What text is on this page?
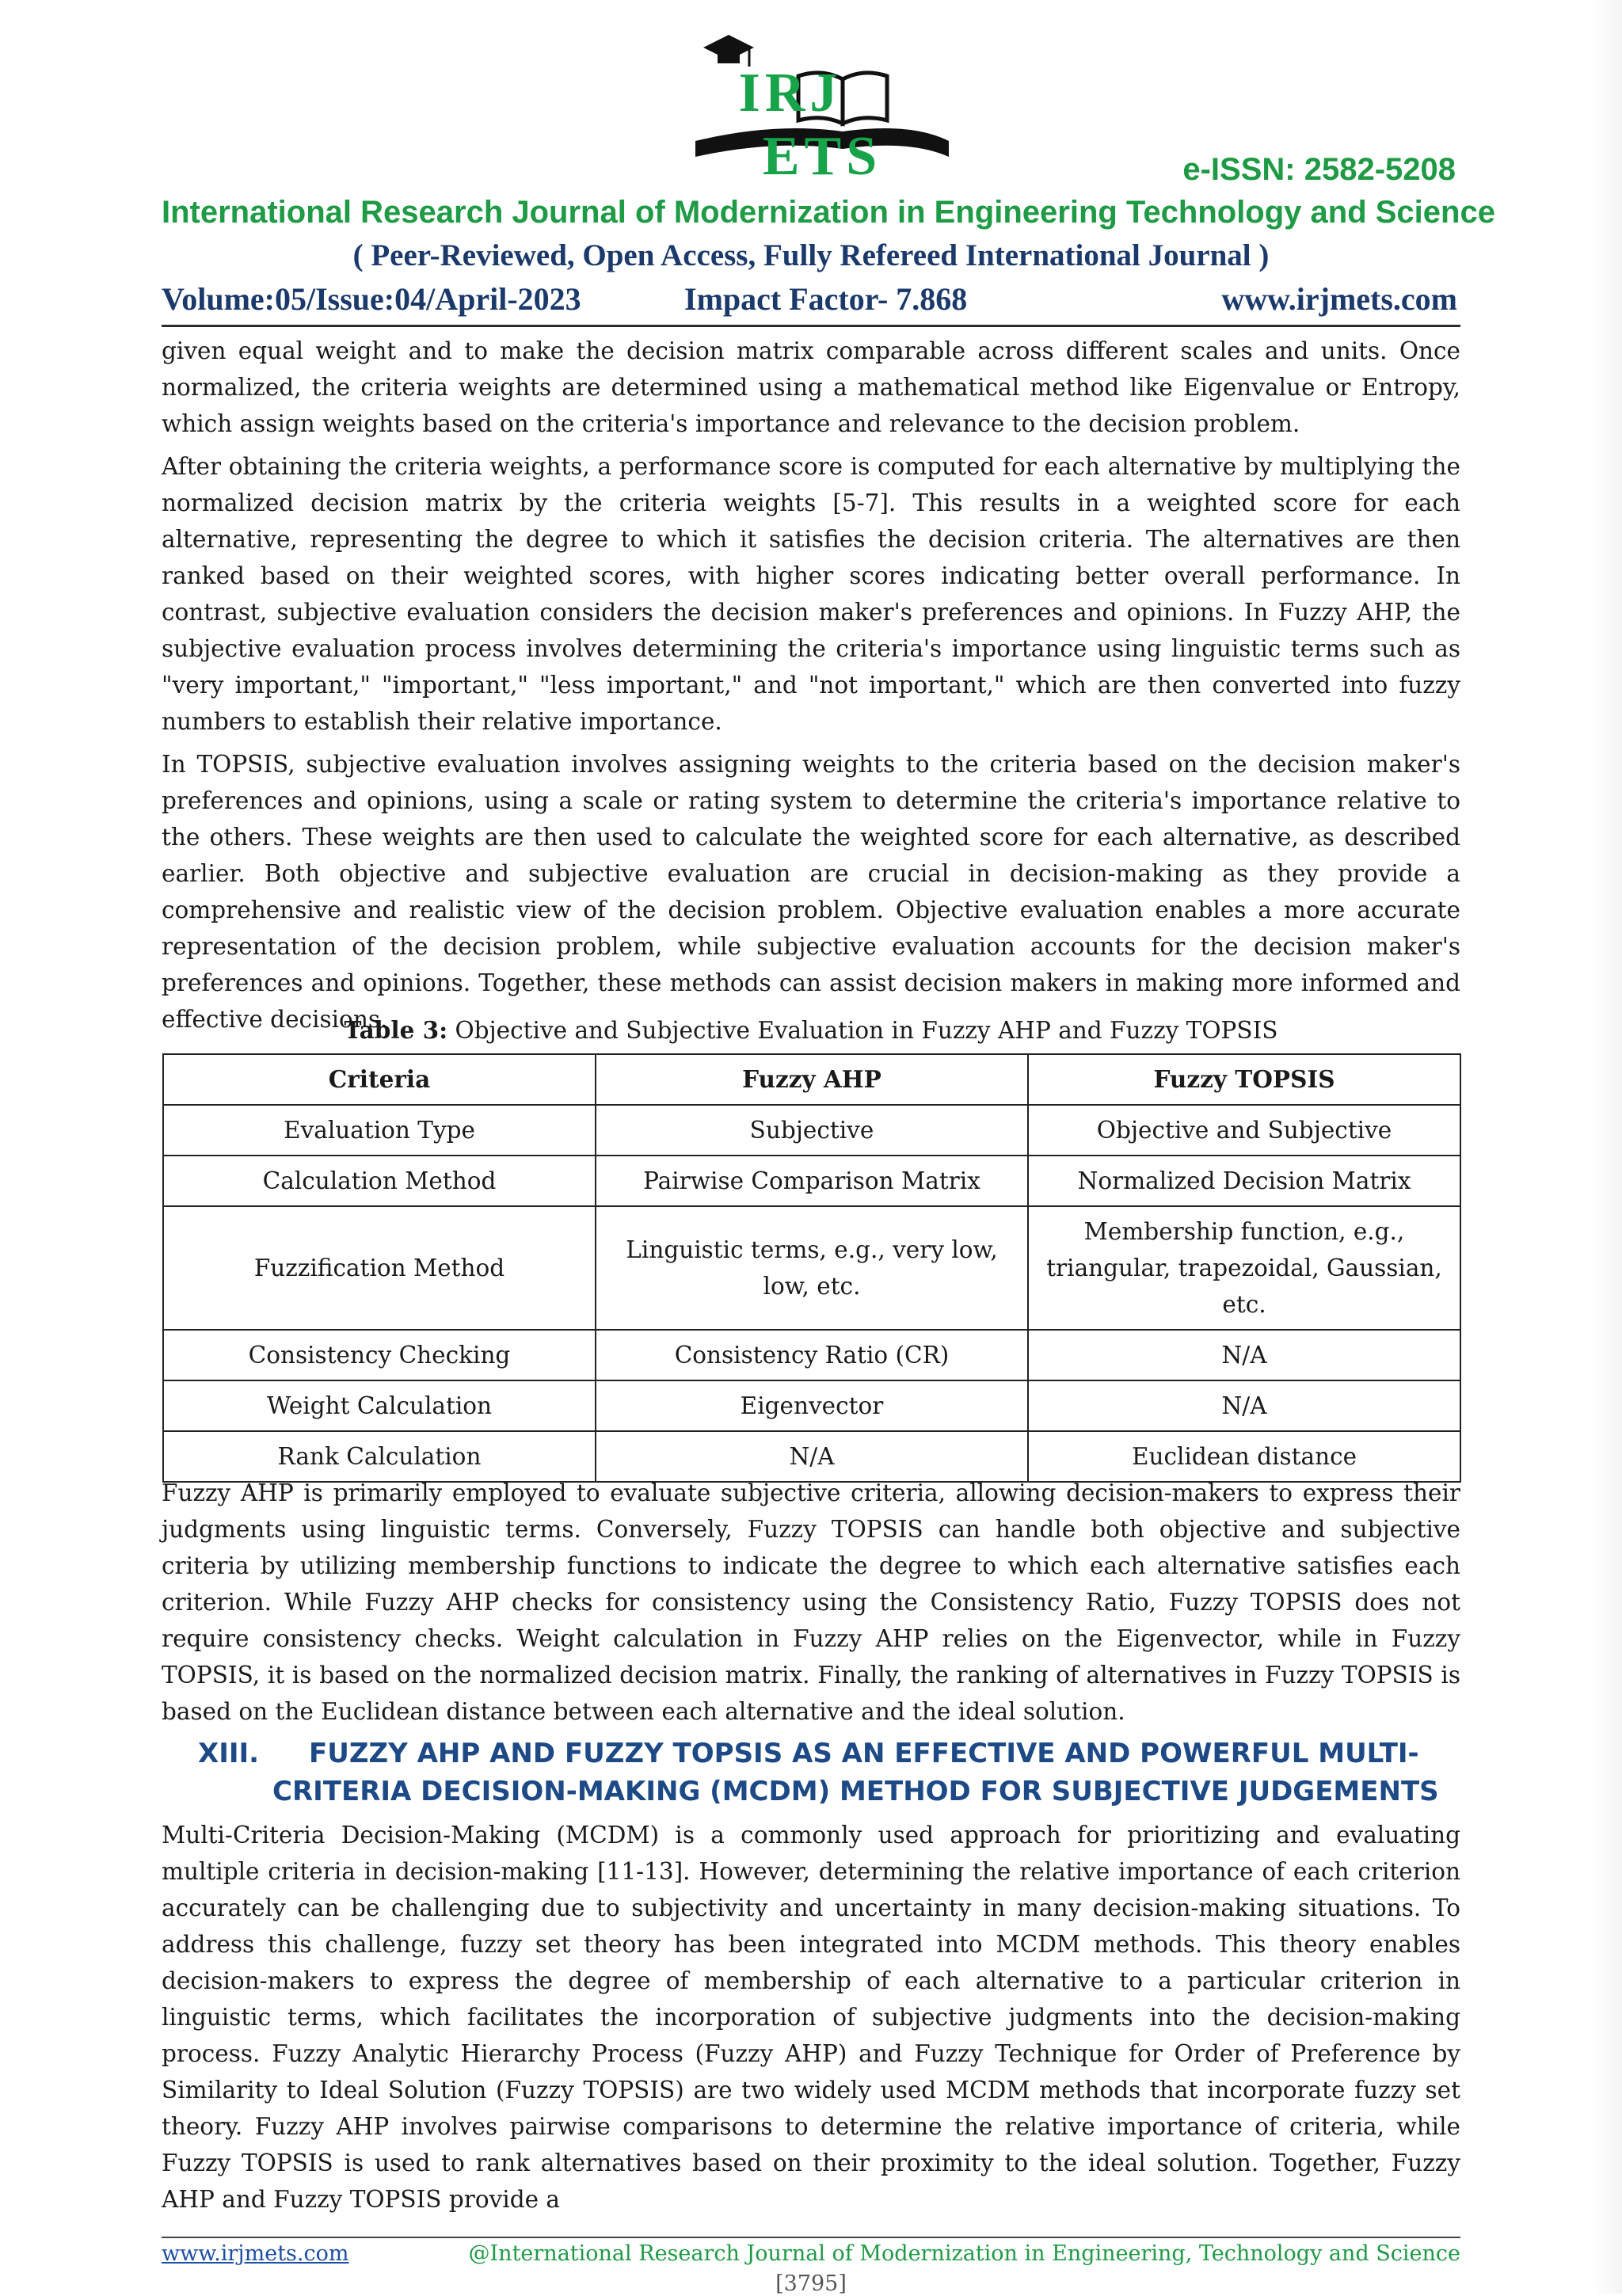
IRJETS	e-ISSN: 2582-5208
International Research Journal of Modernization in Engineering Technology and Science
( Peer-Reviewed, Open Access, Fully Refereed International Journal )
Volume:05/Issue:04/April-2023	Impact Factor- 7.868	www.irjmets.com

given equal weight and to make the decision matrix comparable across different scales and units. Once normalized, the criteria weights are determined using a mathematical method like Eigenvalue or Entropy, which assign weights based on the criteria's importance and relevance to the decision problem.

After obtaining the criteria weights, a performance score is computed for each alternative by multiplying the normalized decision matrix by the criteria weights [5-7]. This results in a weighted score for each alternative, representing the degree to which it satisfies the decision criteria. The alternatives are then ranked based on their weighted scores, with higher scores indicating better overall performance. In contrast, subjective evaluation considers the decision maker's preferences and opinions. In Fuzzy AHP, the subjective evaluation process involves determining the criteria's importance using linguistic terms such as "very important," "important," "less important," and "not important," which are then converted into fuzzy numbers to establish their relative importance.

In TOPSIS, subjective evaluation involves assigning weights to the criteria based on the decision maker's preferences and opinions, using a scale or rating system to determine the criteria's importance relative to the others. These weights are then used to calculate the weighted score for each alternative, as described earlier. Both objective and subjective evaluation are crucial in decision-making as they provide a comprehensive and realistic view of the decision problem. Objective evaluation enables a more accurate representation of the decision problem, while subjective evaluation accounts for the decision maker's preferences and opinions. Together, these methods can assist decision makers in making more informed and effective decisions.

Table 3: Objective and Subjective Evaluation in Fuzzy AHP and Fuzzy TOPSIS
Criteria	Fuzzy AHP	Fuzzy TOPSIS
Evaluation Type	Subjective	Objective and Subjective
Calculation Method	Pairwise Comparison Matrix	Normalized Decision Matrix
Fuzzification Method	Linguistic terms, e.g., very low, low, etc.	Membership function, e.g., triangular, trapezoidal, Gaussian, etc.
Consistency Checking	Consistency Ratio (CR)	N/A
Weight Calculation	Eigenvector	N/A
Rank Calculation	N/A	Euclidean distance

Fuzzy AHP is primarily employed to evaluate subjective criteria, allowing decision-makers to express their judgments using linguistic terms. Conversely, Fuzzy TOPSIS can handle both objective and subjective criteria by utilizing membership functions to indicate the degree to which each alternative satisfies each criterion. While Fuzzy AHP checks for consistency using the Consistency Ratio, Fuzzy TOPSIS does not require consistency checks. Weight calculation in Fuzzy AHP relies on the Eigenvector, while in Fuzzy TOPSIS, it is based on the normalized decision matrix. Finally, the ranking of alternatives in Fuzzy TOPSIS is based on the Euclidean distance between each alternative and the ideal solution.

XIII. FUZZY AHP AND FUZZY TOPSIS AS AN EFFECTIVE AND POWERFUL MULTI-
CRITERIA DECISION-MAKING (MCDM) METHOD FOR SUBJECTIVE JUDGEMENTS

Multi-Criteria Decision-Making (MCDM) is a commonly used approach for prioritizing and evaluating multiple criteria in decision-making [11-13]. However, determining the relative importance of each criterion accurately can be challenging due to subjectivity and uncertainty in many decision-making situations. To address this challenge, fuzzy set theory has been integrated into MCDM methods. This theory enables decision-makers to express the degree of membership of each alternative to a particular criterion in linguistic terms, which facilitates the incorporation of subjective judgments into the decision-making process. Fuzzy Analytic Hierarchy Process (Fuzzy AHP) and Fuzzy Technique for Order of Preference by Similarity to Ideal Solution (Fuzzy TOPSIS) are two widely used MCDM methods that incorporate fuzzy set theory. Fuzzy AHP involves pairwise comparisons to determine the relative importance of criteria, while Fuzzy TOPSIS is used to rank alternatives based on their proximity to the ideal solution. Together, Fuzzy AHP and Fuzzy TOPSIS provide a

www.irjmets.com	@International Research Journal of Modernization in Engineering, Technology and Science
[3795]
